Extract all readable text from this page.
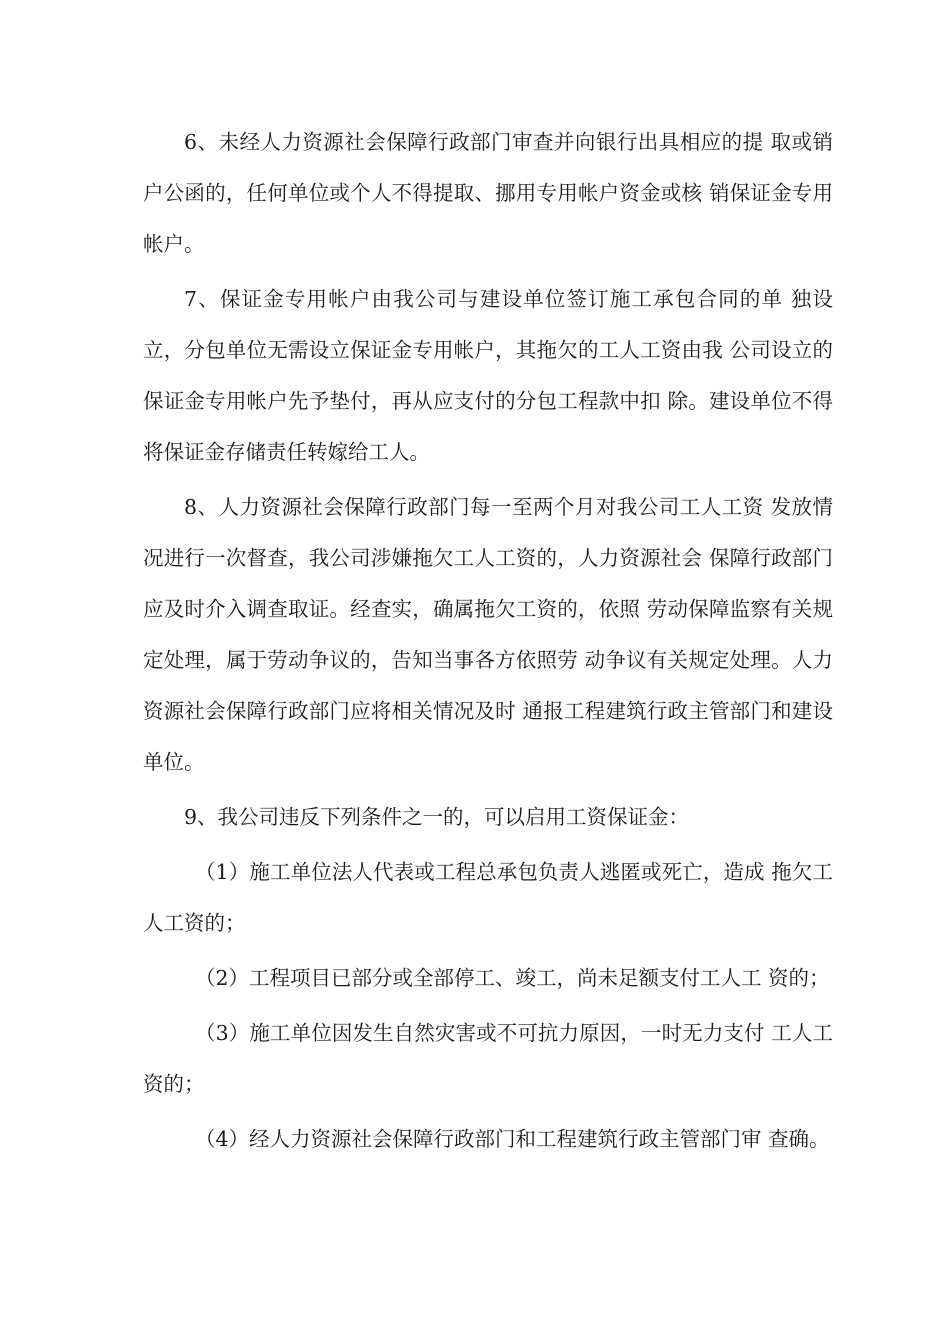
6、未经人力资源社会保障行政部门审查并向银行出具相应的提 取或销户公函的，任何单位或个人不得提取、挪用专用帐户资金或核 销保证金专用帐户。

7、保证金专用帐户由我公司与建设单位签订施工承包合同的单 独设立，分包单位无需设立保证金专用帐户，其拖欠的工人工资由我 公司设立的保证金专用帐户先予垫付，再从应支付的分包工程款中扣 除。建设单位不得将保证金存储责任转嫁给工人。

8、人力资源社会保障行政部门每一至两个月对我公司工人工资 发放情况进行一次督查，我公司涉嫌拖欠工人工资的，人力资源社会 保障行政部门应及时介入调查取证。经查实，确属拖欠工资的，依照 劳动保障监察有关规定处理，属于劳动争议的，告知当事各方依照劳 动争议有关规定处理。人力资源社会保障行政部门应将相关情况及时 通报工程建筑行政主管部门和建设单位。

9、我公司违反下列条件之一的，可以启用工资保证金：

（1）施工单位法人代表或工程总承包负责人逃匿或死亡，造成 拖欠工人工资的；

（2）工程项目已部分或全部停工、竣工，尚未足额支付工人工 资的；

（3）施工单位因发生自然灾害或不可抗力原因，一时无力支付 工人工资的；

（4）经人力资源社会保障行政部门和工程建筑行政主管部门审 查确。
